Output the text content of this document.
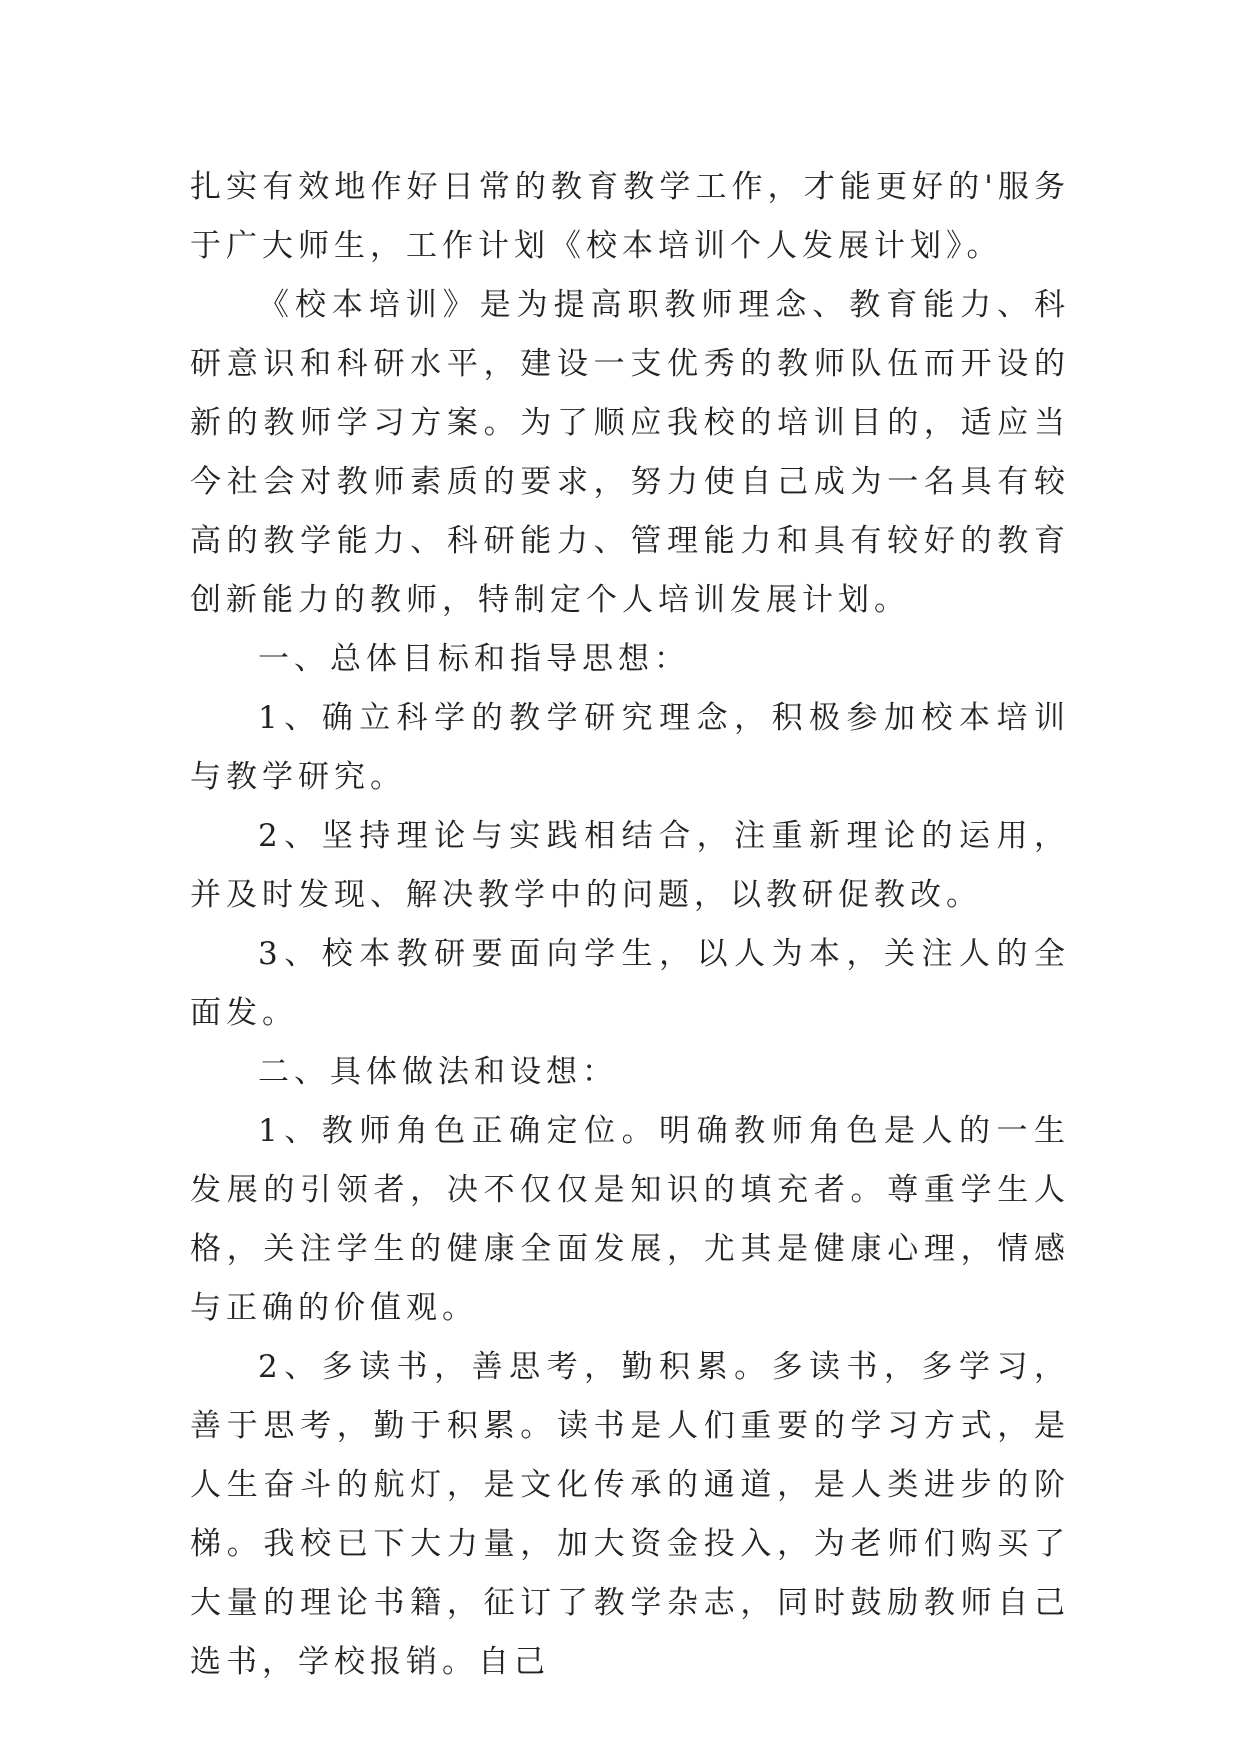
扎实有效地作好日常的教育教学工作，才能更好的'服务于广大师生，工作计划《校本培训个人发展计划》。

《校本培训》是为提高职教师理念、教育能力、科研意识和科研水平，建设一支优秀的教师队伍而开设的新的教师学习方案。为了顺应我校的培训目的，适应当今社会对教师素质的要求，努力使自己成为一名具有较高的教学能力、科研能力、管理能力和具有较好的教育创新能力的教师，特制定个人培训发展计划。

一、总体目标和指导思想：

1、确立科学的教学研究理念，积极参加校本培训与教学研究。

2、坚持理论与实践相结合，注重新理论的运用，并及时发现、解决教学中的问题，以教研促教改。

3、校本教研要面向学生，以人为本，关注人的全面发。

二、具体做法和设想：

1、教师角色正确定位。明确教师角色是人的一生发展的引领者，决不仅仅是知识的填充者。尊重学生人格，关注学生的健康全面发展，尤其是健康心理，情感与正确的价值观。

2、多读书，善思考，勤积累。多读书，多学习，善于思考，勤于积累。读书是人们重要的学习方式，是人生奋斗的航灯，是文化传承的通道，是人类进步的阶梯。我校已下大力量，加大资金投入，为老师们购买了大量的理论书籍，征订了教学杂志，同时鼓励教师自己选书，学校报销。自己
